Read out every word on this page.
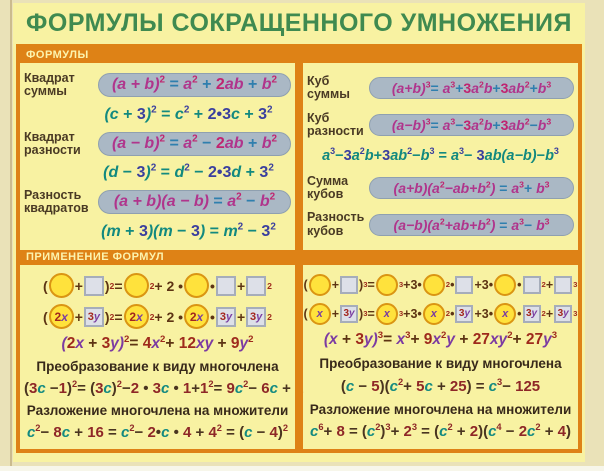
ФОРМУЛЫ СОКРАЩЕННОГО УМНОЖЕНИЯ
ФОРМУЛЫ
Квадрат суммы	$(a + b)^2 = a^2 + 2ab + b^2$
$(c + 3)^2 = c^2$ + 2•3c + $3^2$
Квадрат разности	$(a - b)^2 = a^2 - 2ab + b^2$
$(d - 3)^2 = d^2$ − 2•3d + $3^2$
Разность квадратов	$(a + b)(a - b) = a^2 - b^2$
$(m + 3)(m - 3) = m^2 - 3^2$
Куб суммы	$(a+b)^3= a^3+3a^2b+3ab^2+b^3$
Куб разности	$(a-b)^3= a^3-3a^2b+3ab^2-b^3$
$a^3-3a^2b+3ab^2-b^3 = a^3- 3ab(a-b)-b^3$
Сумма кубов	$(a+b)(a^2-ab+b^2) = a^3+ b^3$
Разность кубов	$(a-b)(a^2+ab+b^2) = a^3- b^3$
ПРИМЕНЕНИЕ ФОРМУЛ
( + ) 2 =	2 + 2 • • +	2
( 2 x + 3 y ) 2 = 2 x 2 + 2 • 2 x • 3 y + 3 y 2
$(2x + 3y)^2= 4x^2+ 12xy + 9y^2$
Преобразование к виду многочлена
$(3c -1)^2= (3c)^2-2$ • 3c • $1+1^2= 9c^2- 6c$ +
Разложение многочлена на множители
$c^2- 8c + 16 = c^2-$ 2•c • $4 + 4^2 = (c - 4)^2$
( + ) 3 =	3 +3•	2 • +3• •	2 +	3
( x + 3 y ) 3 = x 3 +3• x 2 • 3 y +3• x • 3 y 2 + 3 y 3
$(x + 3y)^3= x^3+ 9x^2y + 27xy^2+ 27y^3$
Преобразование к виду многочлена
$(c - 5)(c^2+ 5c + 25) = c^3- 125$
Разложение многочлена на множители
$c^6+ 8 = (c^2)^3+ 2^3 = (c^2 + 2)(c^4 - 2c^2 + 4)$
